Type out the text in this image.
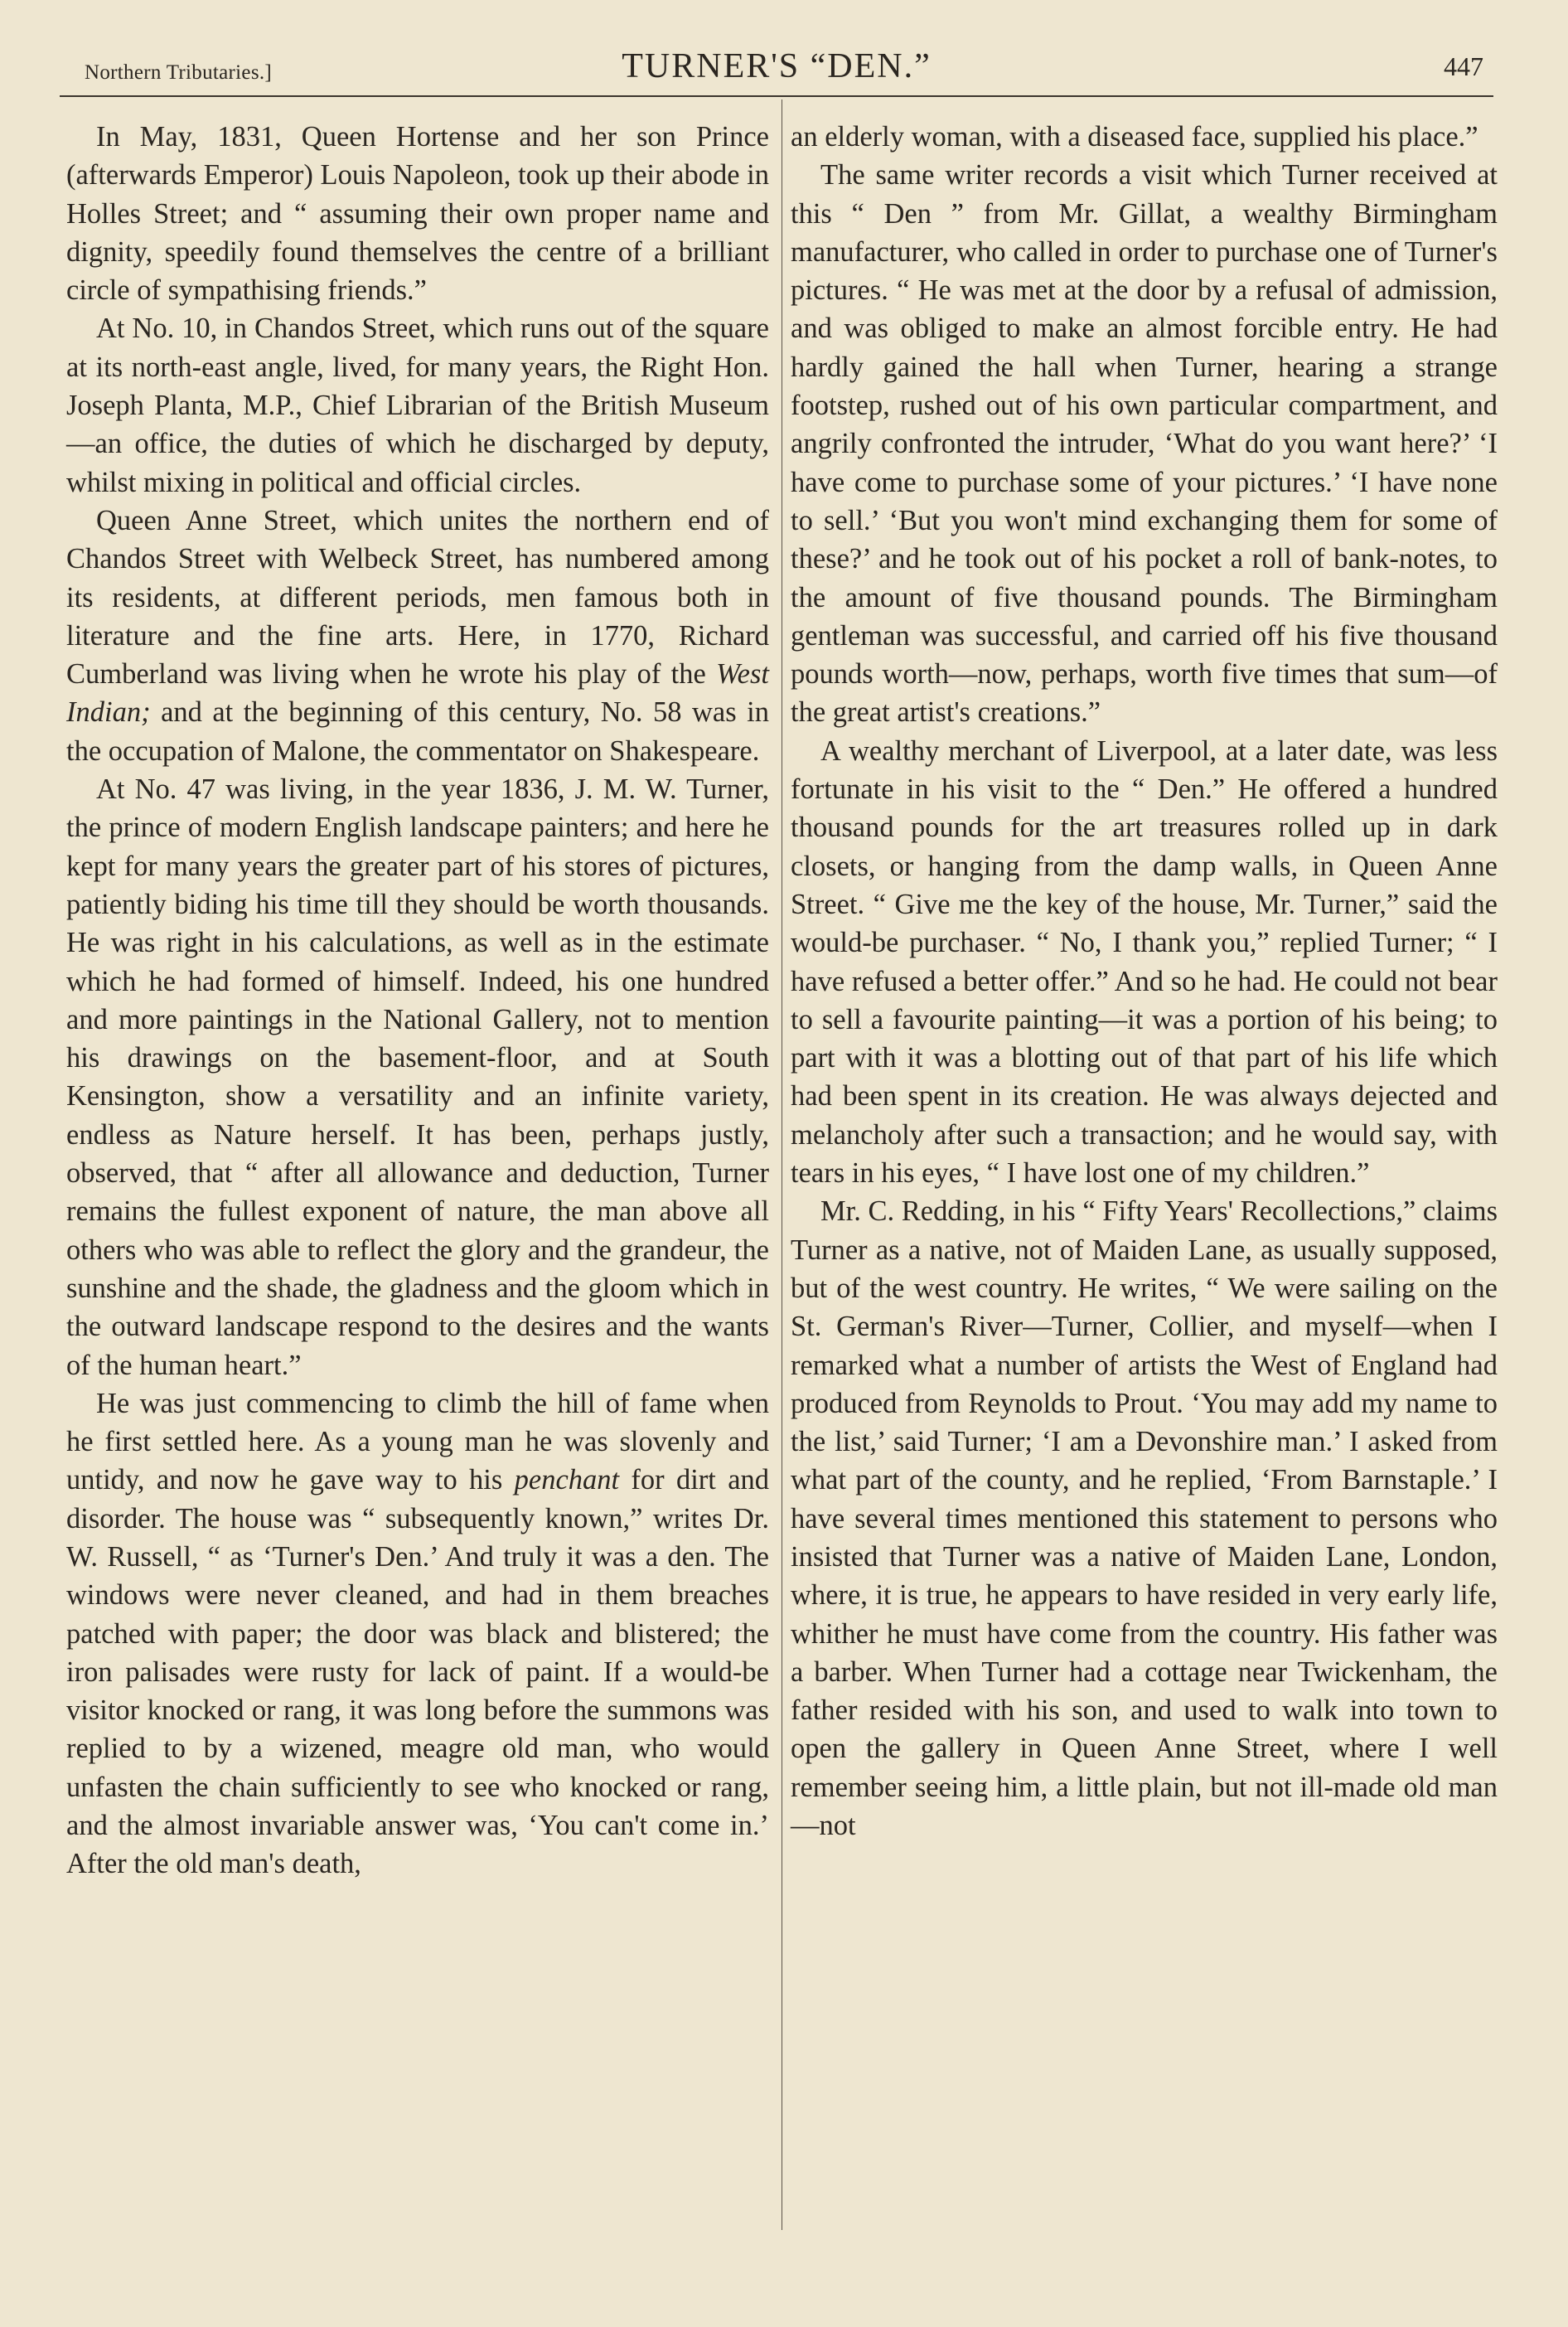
Northern Tributaries.]	TURNER'S “DEN.”	447

In May, 1831, Queen Hortense and her son Prince (afterwards Emperor) Louis Napoleon, took up their abode in Holles Street; and “ assuming their own proper name and dignity, speedily found themselves the centre of a brilliant circle of sympathising friends.”

At No. 10, in Chandos Street, which runs out of the square at its north-east angle, lived, for many years, the Right Hon. Joseph Planta, M.P., Chief Librarian of the British Museum—an office, the duties of which he discharged by deputy, whilst mixing in political and official circles.

Queen Anne Street, which unites the northern end of Chandos Street with Welbeck Street, has numbered among its residents, at different periods, men famous both in literature and the fine arts. Here, in 1770, Richard Cumberland was living when he wrote his play of the West Indian; and at the beginning of this century, No. 58 was in the occupation of Malone, the commentator on Shakespeare.

At No. 47 was living, in the year 1836, J. M. W. Turner, the prince of modern English landscape painters; and here he kept for many years the greater part of his stores of pictures, patiently biding his time till they should be worth thousands. He was right in his calculations, as well as in the estimate which he had formed of himself. Indeed, his one hundred and more paintings in the National Gallery, not to mention his drawings on the basement-floor, and at South Kensington, show a versatility and an infinite variety, endless as Nature herself. It has been, perhaps justly, observed, that “ after all allowance and deduction, Turner remains the fullest exponent of nature, the man above all others who was able to reflect the glory and the grandeur, the sunshine and the shade, the gladness and the gloom which in the outward landscape respond to the desires and the wants of the human heart.”

He was just commencing to climb the hill of fame when he first settled here. As a young man he was slovenly and untidy, and now he gave way to his penchant for dirt and disorder. The house was “ subsequently known,” writes Dr. W. Russell, “ as ‘Turner's Den.’ And truly it was a den. The windows were never cleaned, and had in them breaches patched with paper; the door was black and blistered; the iron palisades were rusty for lack of paint. If a would-be visitor knocked or rang, it was long before the summons was replied to by a wizened, meagre old man, who would unfasten the chain sufficiently to see who knocked or rang, and the almost invariable answer was, ‘You can't come in.’ After the old man's death,

an elderly woman, with a diseased face, supplied his place.”

The same writer records a visit which Turner received at this “ Den ” from Mr. Gillat, a wealthy Birmingham manufacturer, who called in order to purchase one of Turner's pictures. “ He was met at the door by a refusal of admission, and was obliged to make an almost forcible entry. He had hardly gained the hall when Turner, hearing a strange footstep, rushed out of his own particular compartment, and angrily confronted the intruder, ‘What do you want here?’ ‘I have come to purchase some of your pictures.’ ‘I have none to sell.’ ‘But you won't mind exchanging them for some of these?’ and he took out of his pocket a roll of bank-notes, to the amount of five thousand pounds. The Birmingham gentleman was successful, and carried off his five thousand pounds worth—now, perhaps, worth five times that sum—of the great artist's creations.”

A wealthy merchant of Liverpool, at a later date, was less fortunate in his visit to the “ Den.” He offered a hundred thousand pounds for the art treasures rolled up in dark closets, or hanging from the damp walls, in Queen Anne Street. “ Give me the key of the house, Mr. Turner,” said the would-be purchaser. “ No, I thank you,” replied Turner; “ I have refused a better offer.” And so he had. He could not bear to sell a favourite painting—it was a portion of his being; to part with it was a blotting out of that part of his life which had been spent in its creation. He was always dejected and melancholy after such a transaction; and he would say, with tears in his eyes, “ I have lost one of my children.”

Mr. C. Redding, in his “ Fifty Years' Recollections,” claims Turner as a native, not of Maiden Lane, as usually supposed, but of the west country. He writes, “ We were sailing on the St. German's River—Turner, Collier, and myself—when I remarked what a number of artists the West of England had produced from Reynolds to Prout. ‘You may add my name to the list,’ said Turner; ‘I am a Devonshire man.’ I asked from what part of the county, and he replied, ‘From Barnstaple.’ I have several times mentioned this statement to persons who insisted that Turner was a native of Maiden Lane, London, where, it is true, he appears to have resided in very early life, whither he must have come from the country. His father was a barber. When Turner had a cottage near Twickenham, the father resided with his son, and used to walk into town to open the gallery in Queen Anne Street, where I well remember seeing him, a little plain, but not ill-made old man—not
